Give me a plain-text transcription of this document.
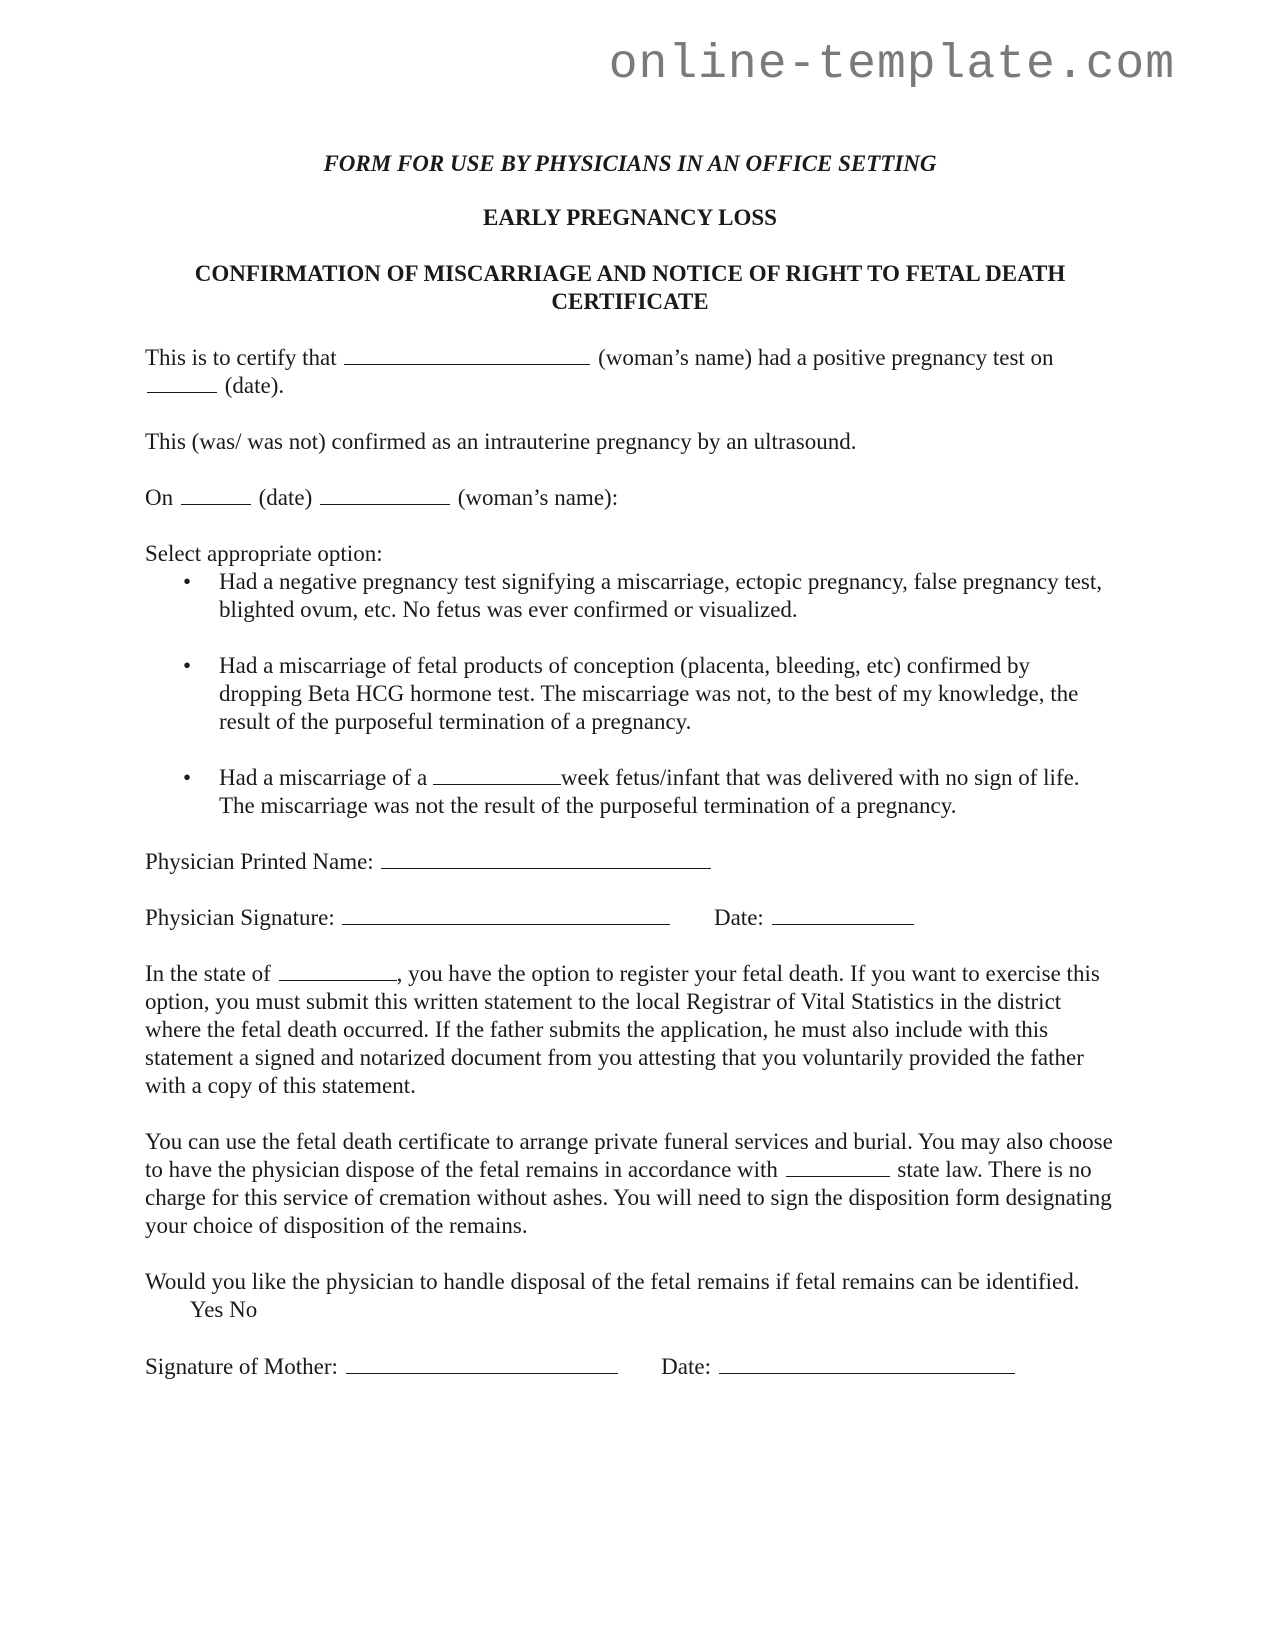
online-template.com
FORM FOR USE BY PHYSICIANS IN AN OFFICE SETTING
EARLY PREGNANCY LOSS
CONFIRMATION OF MISCARRIAGE AND NOTICE OF RIGHT TO FETAL DEATH CERTIFICATE

This is to certify that	(woman’s name) had a positive pregnancy test on  (date).

This (was/ was not) confirmed as an intrauterine pregnancy by an ultrasound.

On	(date)	(woman’s name):

Select appropriate option:
• Had a negative pregnancy test signifying a miscarriage, ectopic pregnancy, false pregnancy test, blighted ovum, etc. No fetus was ever confirmed or visualized.
• Had a miscarriage of fetal products of conception (placenta, bleeding, etc) confirmed by dropping Beta HCG hormone test. The miscarriage was not, to the best of my knowledge, the result of the purposeful termination of a pregnancy.
• Had a miscarriage of a	week fetus/infant that was delivered with no sign of life. The miscarriage was not the result of the purposeful termination of a pregnancy.

Physician Printed Name:

Physician Signature:	Date:

In the state of	, you have the option to register your fetal death. If you want to exercise this option, you must submit this written statement to the local Registrar of Vital Statistics in the district where the fetal death occurred. If the father submits the application, he must also include with this statement a signed and notarized document from you attesting that you voluntarily provided the father with a copy of this statement.

You can use the fetal death certificate to arrange private funeral services and burial. You may also choose to have the physician dispose of the fetal remains in accordance with	state law. There is no charge for this service of cremation without ashes. You will need to sign the disposition form designating your choice of disposition of the remains.

Would you like the physician to handle disposal of the fetal remains if fetal remains can be identified.  Yes No

Signature of Mother:	Date:
